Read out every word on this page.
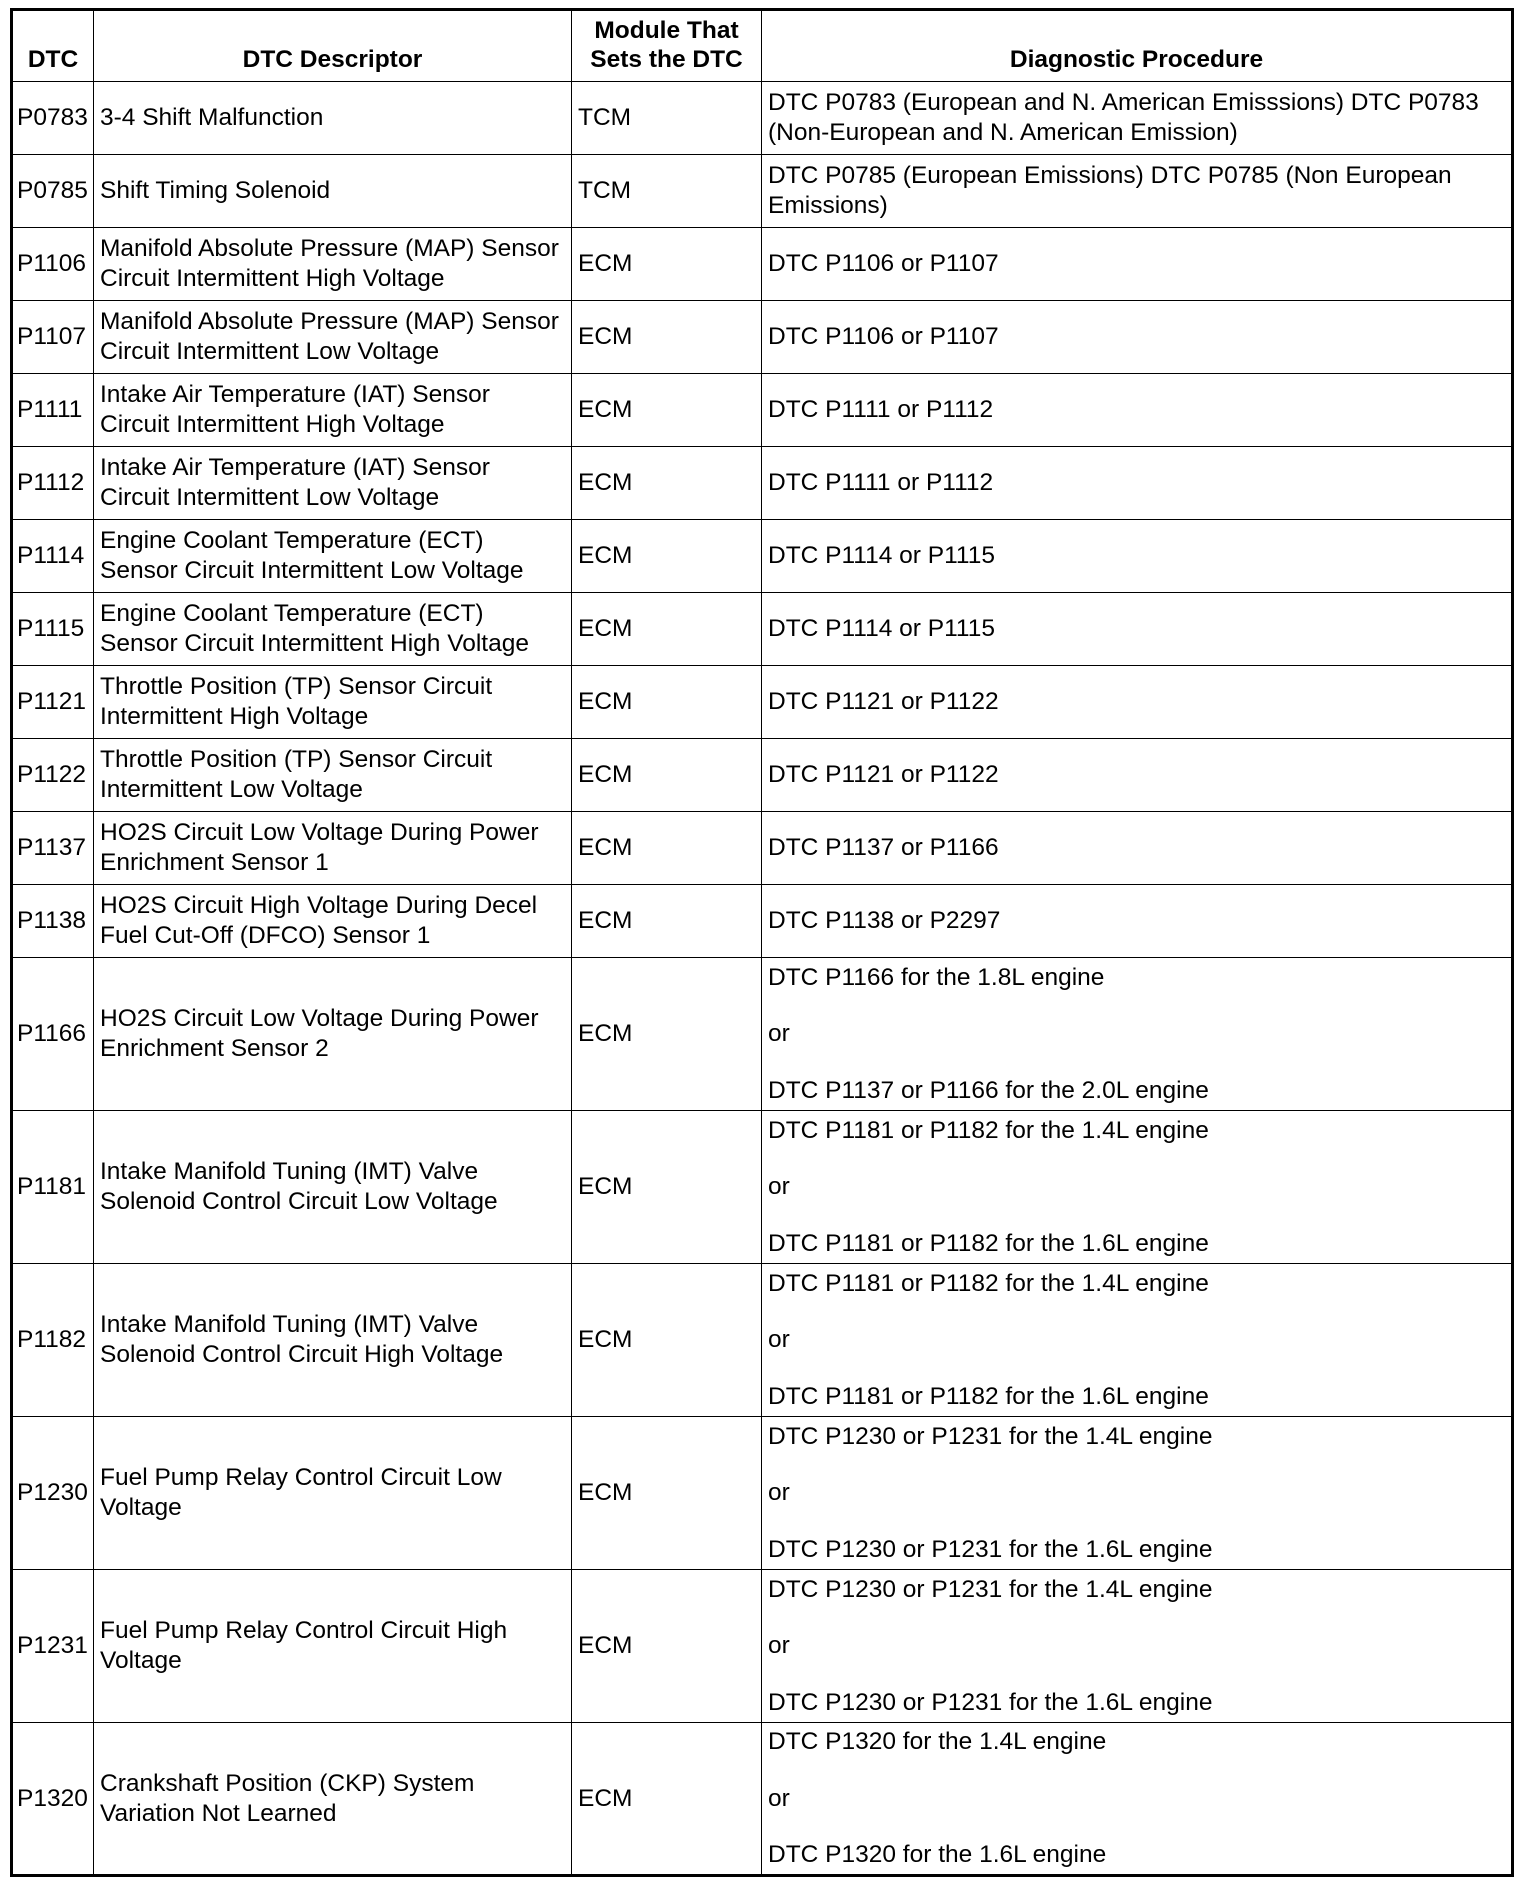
DTC	DTC Descriptor	Module That
Sets the DTC	Diagnostic Procedure
P0783	3-4 Shift Malfunction	TCM	DTC P0783 (European and N. American Emisssions) DTC P0783 (Non-European and N. American Emission)

P0785	Shift Timing Solenoid	TCM	DTC P0785 (European Emissions) DTC P0785 (Non European Emissions)

P1106	Manifold Absolute Pressure (MAP) Sensor Circuit Intermittent High Voltage	ECM	DTC P1106 or P1107

P1107	Manifold Absolute Pressure (MAP) Sensor Circuit Intermittent Low Voltage	ECM	DTC P1106 or P1107

P1111	Intake Air Temperature (IAT) Sensor Circuit Intermittent High Voltage	ECM	DTC P1111 or P1112

P1112	Intake Air Temperature (IAT) Sensor Circuit Intermittent Low Voltage	ECM	DTC P1111 or P1112

P1114	Engine Coolant Temperature (ECT) Sensor Circuit Intermittent Low Voltage	ECM	DTC P1114 or P1115

P1115	Engine Coolant Temperature (ECT) Sensor Circuit Intermittent High Voltage	ECM	DTC P1114 or P1115

P1121	Throttle Position (TP) Sensor Circuit Intermittent High Voltage	ECM	DTC P1121 or P1122

P1122	Throttle Position (TP) Sensor Circuit Intermittent Low Voltage	ECM	DTC P1121 or P1122

P1137	HO2S Circuit Low Voltage During Power Enrichment Sensor 1	ECM	DTC P1137 or P1166

P1138	HO2S Circuit High Voltage During Decel Fuel Cut-Off (DFCO) Sensor 1	ECM	DTC P1138 or P2297

P1166	HO2S Circuit Low Voltage During Power Enrichment Sensor 2	ECM	DTC P1166 for the 1.8L engine
or
DTC P1137 or P1166 for the 2.0L engine

P1181	Intake Manifold Tuning (IMT) Valve Solenoid Control Circuit Low Voltage	ECM	DTC P1181 or P1182 for the 1.4L engine
or
DTC P1181 or P1182 for the 1.6L engine

P1182	Intake Manifold Tuning (IMT) Valve Solenoid Control Circuit High Voltage	ECM	DTC P1181 or P1182 for the 1.4L engine
or
DTC P1181 or P1182 for the 1.6L engine

P1230	Fuel Pump Relay Control Circuit Low Voltage	ECM	DTC P1230 or P1231 for the 1.4L engine
or
DTC P1230 or P1231 for the 1.6L engine

P1231	Fuel Pump Relay Control Circuit High Voltage	ECM	DTC P1230 or P1231 for the 1.4L engine
or
DTC P1230 or P1231 for the 1.6L engine

P1320	Crankshaft Position (CKP) System Variation Not Learned	ECM	DTC P1320 for the 1.4L engine
or
DTC P1320 for the 1.6L engine
